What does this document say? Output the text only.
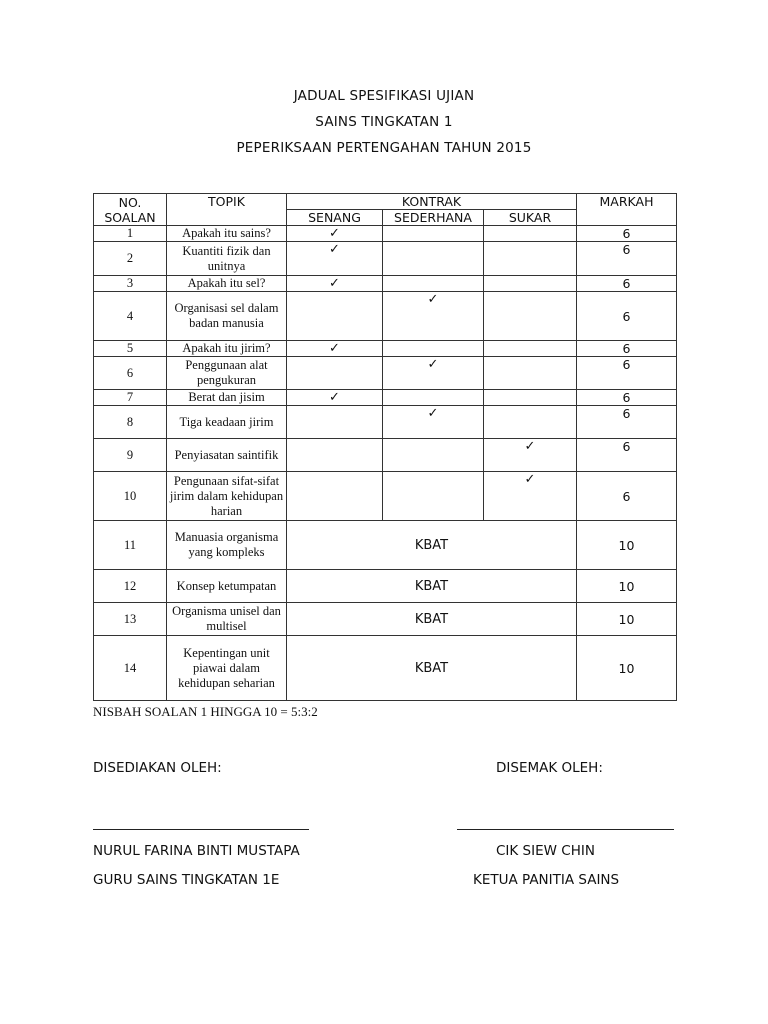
JADUAL SPESIFIKASI UJIAN
SAINS TINGKATAN 1
PEPERIKSAAN PERTENGAHAN TAHUN 2015
NO. SOALAN	TOPIK	KONTRAK			MARKAH
		SENANG	SEDERHANA	SUKAR	
1	Apakah itu sains?	✓			6
2	Kuantiti fizik dan unitnya	✓			6
3	Apakah itu sel?	✓			6
4	Organisasi sel dalam badan manusia		✓		6
5	Apakah itu jirim?	✓			6
6	Penggunaan alat pengukuran		✓		6
7	Berat dan jisim	✓			6
8	Tiga keadaan jirim		✓		6
9	Penyiasatan saintifik			✓	6
10	Pengunaan sifat-sifat jirim dalam kehidupan harian			✓	6
11	Manuasia organisma yang kompleks	KBAT			10
12	Konsep ketumpatan	KBAT			10
13	Organisma unisel dan multisel	KBAT			10
14	Kepentingan unit piawai dalam kehidupan seharian	KBAT			10
NISBAH SOALAN 1 HINGGA 10 = 5:3:2
DISEDIAKAN OLEH:	DISEMAK OLEH:
NURUL FARINA BINTI MUSTAPA
GURU SAINS TINGKATAN 1E
CIK SIEW CHIN
KETUA PANITIA SAINS
